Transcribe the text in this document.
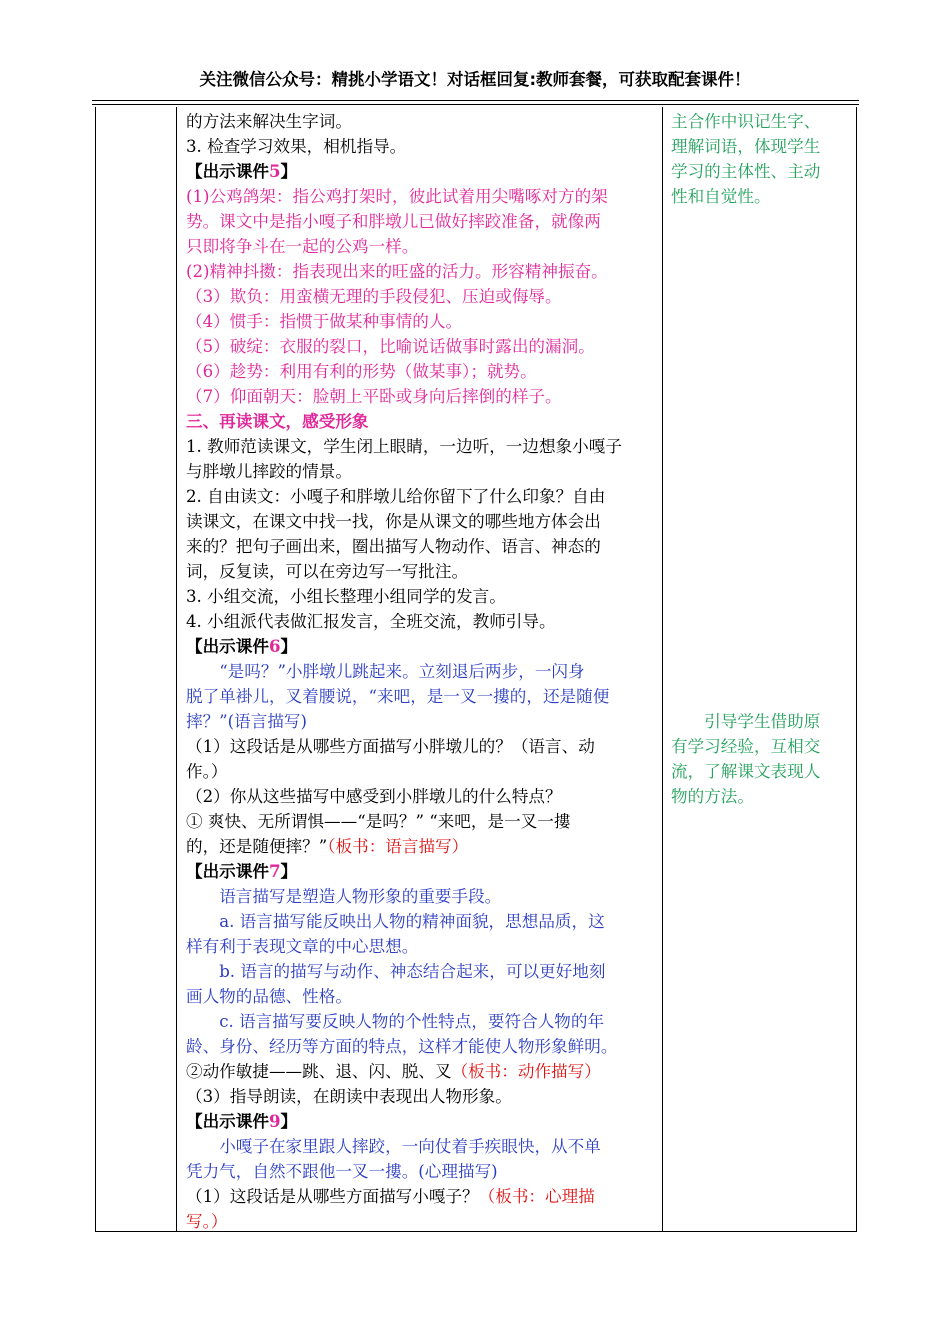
关注微信公众号：精挑小学语文！对话框回复:教师套餐，可获取配套课件！
的方法来解决生字词。
3. 检查学习效果，相机指导。
【出示课件5】
(1)公鸡鸽架：指公鸡打架时，彼此试着用尖嘴啄对方的架
势。课文中是指小嘎子和胖墩儿已做好摔跤准备，就像两
只即将争斗在一起的公鸡一样。
(2)精神抖擞：指表现出来的旺盛的活力。形容精神振奋。
（3）欺负：用蛮横无理的手段侵犯、压迫或侮辱。
（4）惯手：指惯于做某种事情的人。
（5）破绽：衣服的裂口，比喻说话做事时露出的漏洞。
（6）趁势：利用有利的形势（做某事）；就势。
（7）仰面朝天：脸朝上平卧或身向后摔倒的样子。
三、再读课文，感受形象
1. 教师范读课文，学生闭上眼睛，一边听，一边想象小嘎子
与胖墩儿摔跤的情景。
2. 自由读文：小嘎子和胖墩儿给你留下了什么印象？自由
读课文，在课文中找一找，你是从课文的哪些地方体会出
来的？把句子画出来，圈出描写人物动作、语言、神态的
词，反复读，可以在旁边写一写批注。
3. 小组交流，小组长整理小组同学的发言。
4. 小组派代表做汇报发言，全班交流，教师引导。
【出示课件6】
“是吗？”小胖墩儿跳起来。立刻退后两步，一闪身
脱了单褂儿，叉着腰说，“来吧，是一叉一摟的，还是随便
摔？”(语言描写)
（1）这段话是从哪些方面描写小胖墩儿的？（语言、动
作。）
（2）你从这些描写中感受到小胖墩儿的什么特点？
① 爽快、无所谓惧——“是吗？” “来吧，是一叉一摟
的，还是随便摔？”（板书：语言描写）
【出示课件7】
语言描写是塑造人物形象的重要手段。
a. 语言描写能反映出人物的精神面貌，思想品质，这
样有利于表现文章的中心思想。
b. 语言的描写与动作、神态结合起来，可以更好地刻
画人物的品德、性格。
c. 语言描写要反映人物的个性特点，要符合人物的年
龄、身份、经历等方面的特点，这样才能使人物形象鲜明。
②动作敏捷——跳、退、闪、脱、叉（板书：动作描写）
（3）指导朗读，在朗读中表现出人物形象。
【出示课件9】
小嘎子在家里跟人摔跤，一向仗着手疾眼快，从不单
凭力气，自然不跟他一叉一摟。(心理描写)
（1）这段话是从哪些方面描写小嘎子？（板书：心理描
写。）
主合作中识记生字、
理解词语，体现学生
学习的主体性、主动
性和自觉性。
引导学生借助原
有学习经验，互相交
流，了解课文表现人
物的方法。
